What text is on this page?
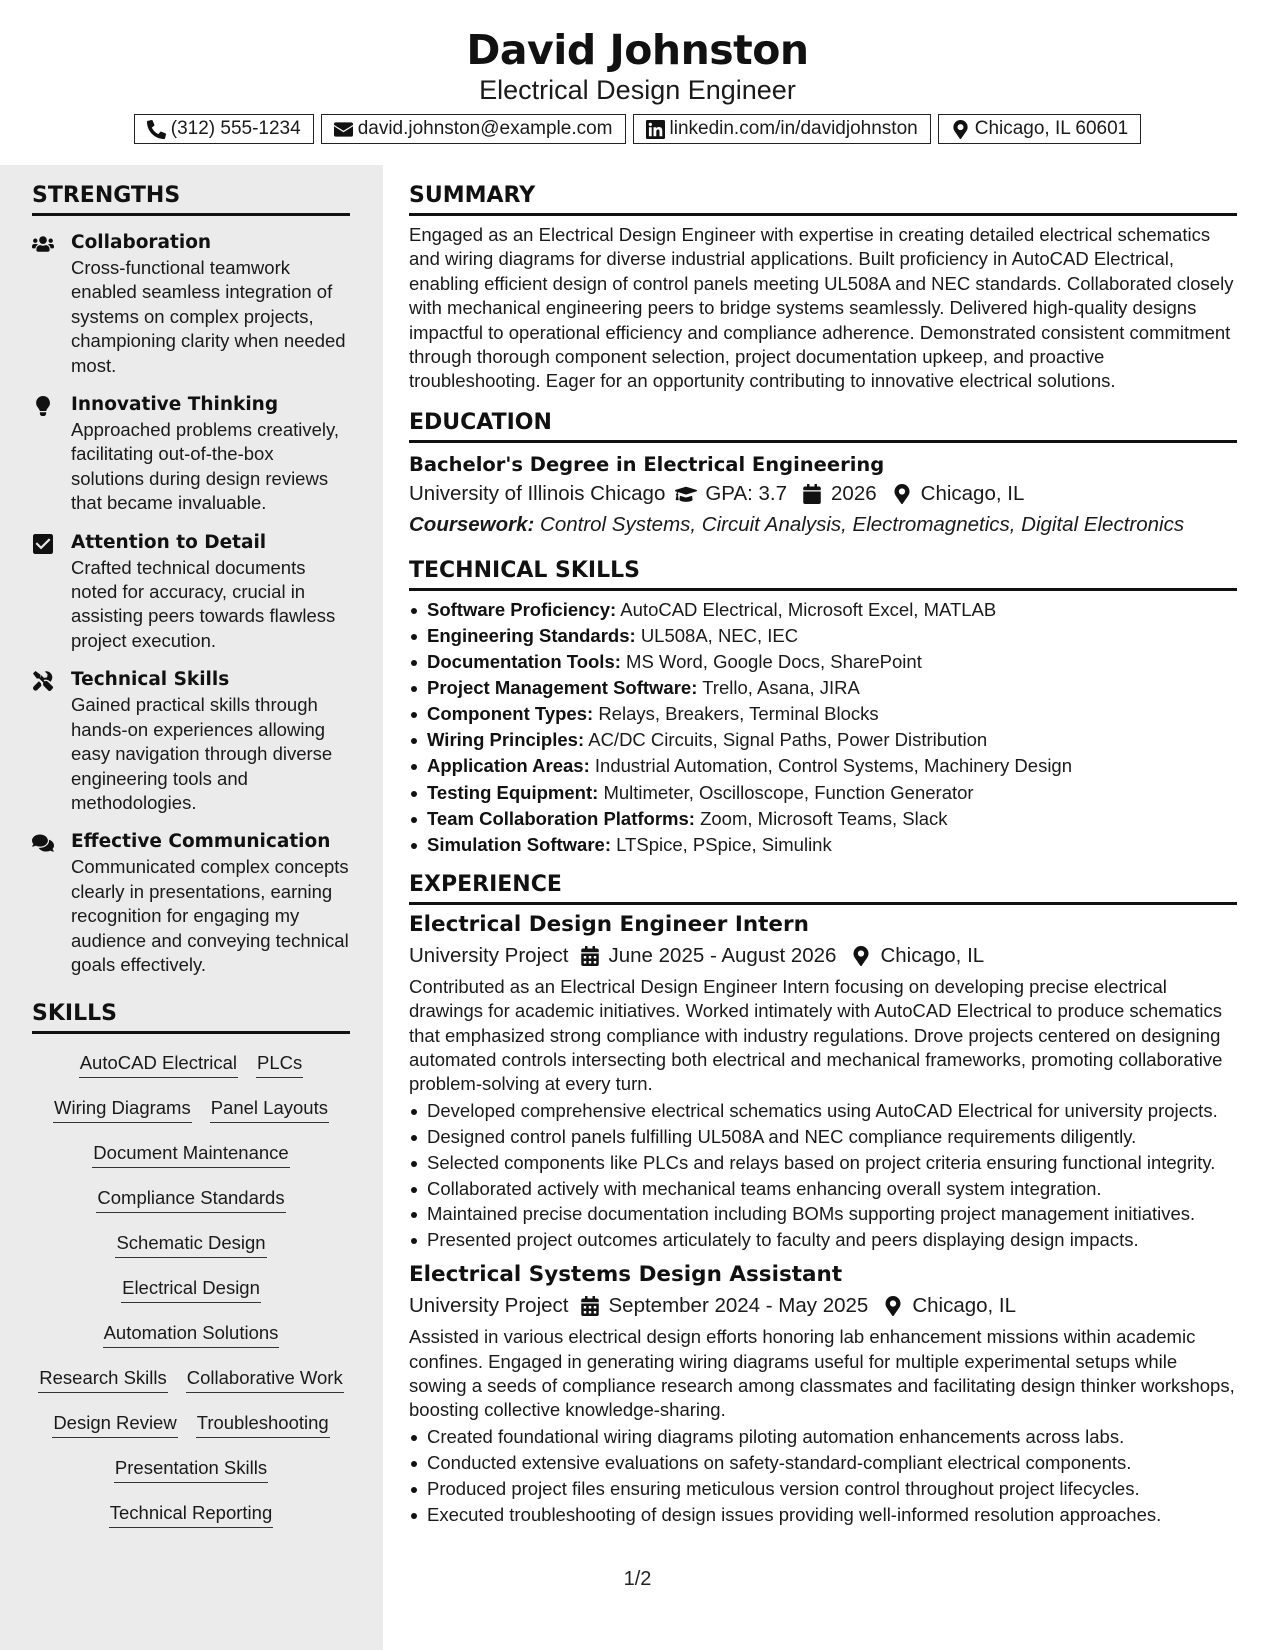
David Johnston
Electrical Design Engineer
(312) 555-1234	david.johnston@example.com	linkedin.com/in/davidjohnston	Chicago, IL 60601
STRENGTHS
Collaboration
Cross-functional teamwork enabled seamless integration of systems on complex projects, championing clarity when needed most.
Innovative Thinking
Approached problems creatively, facilitating out-of-the-box solutions during design reviews that became invaluable.
Attention to Detail
Crafted technical documents noted for accuracy, crucial in assisting peers towards flawless project execution.
Technical Skills
Gained practical skills through hands-on experiences allowing easy navigation through diverse engineering tools and methodologies.
Effective Communication
Communicated complex concepts clearly in presentations, earning recognition for engaging my audience and conveying technical goals effectively.
SKILLS
AutoCAD Electrical PLCs
Wiring Diagrams Panel Layouts
Document Maintenance
Compliance Standards
Schematic Design
Electrical Design
Automation Solutions
Research Skills Collaborative Work
Design Review Troubleshooting
Presentation Skills
Technical Reporting
SUMMARY
Engaged as an Electrical Design Engineer with expertise in creating detailed electrical schematics and wiring diagrams for diverse industrial applications. Built proficiency in AutoCAD Electrical, enabling efficient design of control panels meeting UL508A and NEC standards. Collaborated closely with mechanical engineering peers to bridge systems seamlessly. Delivered high-quality designs impactful to operational efficiency and compliance adherence. Demonstrated consistent commitment through thorough component selection, project documentation upkeep, and proactive troubleshooting. Eager for an opportunity contributing to innovative electrical solutions.
EDUCATION
Bachelor's Degree in Electrical Engineering
University of Illinois Chicago GPA: 3.7 2026 Chicago, IL
Coursework: Control Systems, Circuit Analysis, Electromagnetics, Digital Electronics
TECHNICAL SKILLS
Software Proficiency: AutoCAD Electrical, Microsoft Excel, MATLAB
Engineering Standards: UL508A, NEC, IEC
Documentation Tools: MS Word, Google Docs, SharePoint
Project Management Software: Trello, Asana, JIRA
Component Types: Relays, Breakers, Terminal Blocks
Wiring Principles: AC/DC Circuits, Signal Paths, Power Distribution
Application Areas: Industrial Automation, Control Systems, Machinery Design
Testing Equipment: Multimeter, Oscilloscope, Function Generator
Team Collaboration Platforms: Zoom, Microsoft Teams, Slack
Simulation Software: LTSpice, PSpice, Simulink
EXPERIENCE
Electrical Design Engineer Intern
University Project June 2025 - August 2026 Chicago, IL
Contributed as an Electrical Design Engineer Intern focusing on developing precise electrical drawings for academic initiatives. Worked intimately with AutoCAD Electrical to produce schematics that emphasized strong compliance with industry regulations. Drove projects centered on designing automated controls intersecting both electrical and mechanical frameworks, promoting collaborative problem-solving at every turn.
Developed comprehensive electrical schematics using AutoCAD Electrical for university projects.
Designed control panels fulfilling UL508A and NEC compliance requirements diligently.
Selected components like PLCs and relays based on project criteria ensuring functional integrity.
Collaborated actively with mechanical teams enhancing overall system integration.
Maintained precise documentation including BOMs supporting project management initiatives.
Presented project outcomes articulately to faculty and peers displaying design impacts.
Electrical Systems Design Assistant
University Project September 2024 - May 2025 Chicago, IL
Assisted in various electrical design efforts honoring lab enhancement missions within academic confines. Engaged in generating wiring diagrams useful for multiple experimental setups while sowing a seeds of compliance research among classmates and facilitating design thinker workshops, boosting collective knowledge-sharing.
Created foundational wiring diagrams piloting automation enhancements across labs.
Conducted extensive evaluations on safety-standard-compliant electrical components.
Produced project files ensuring meticulous version control throughout project lifecycles.
Executed troubleshooting of design issues providing well-informed resolution approaches.
1/2
